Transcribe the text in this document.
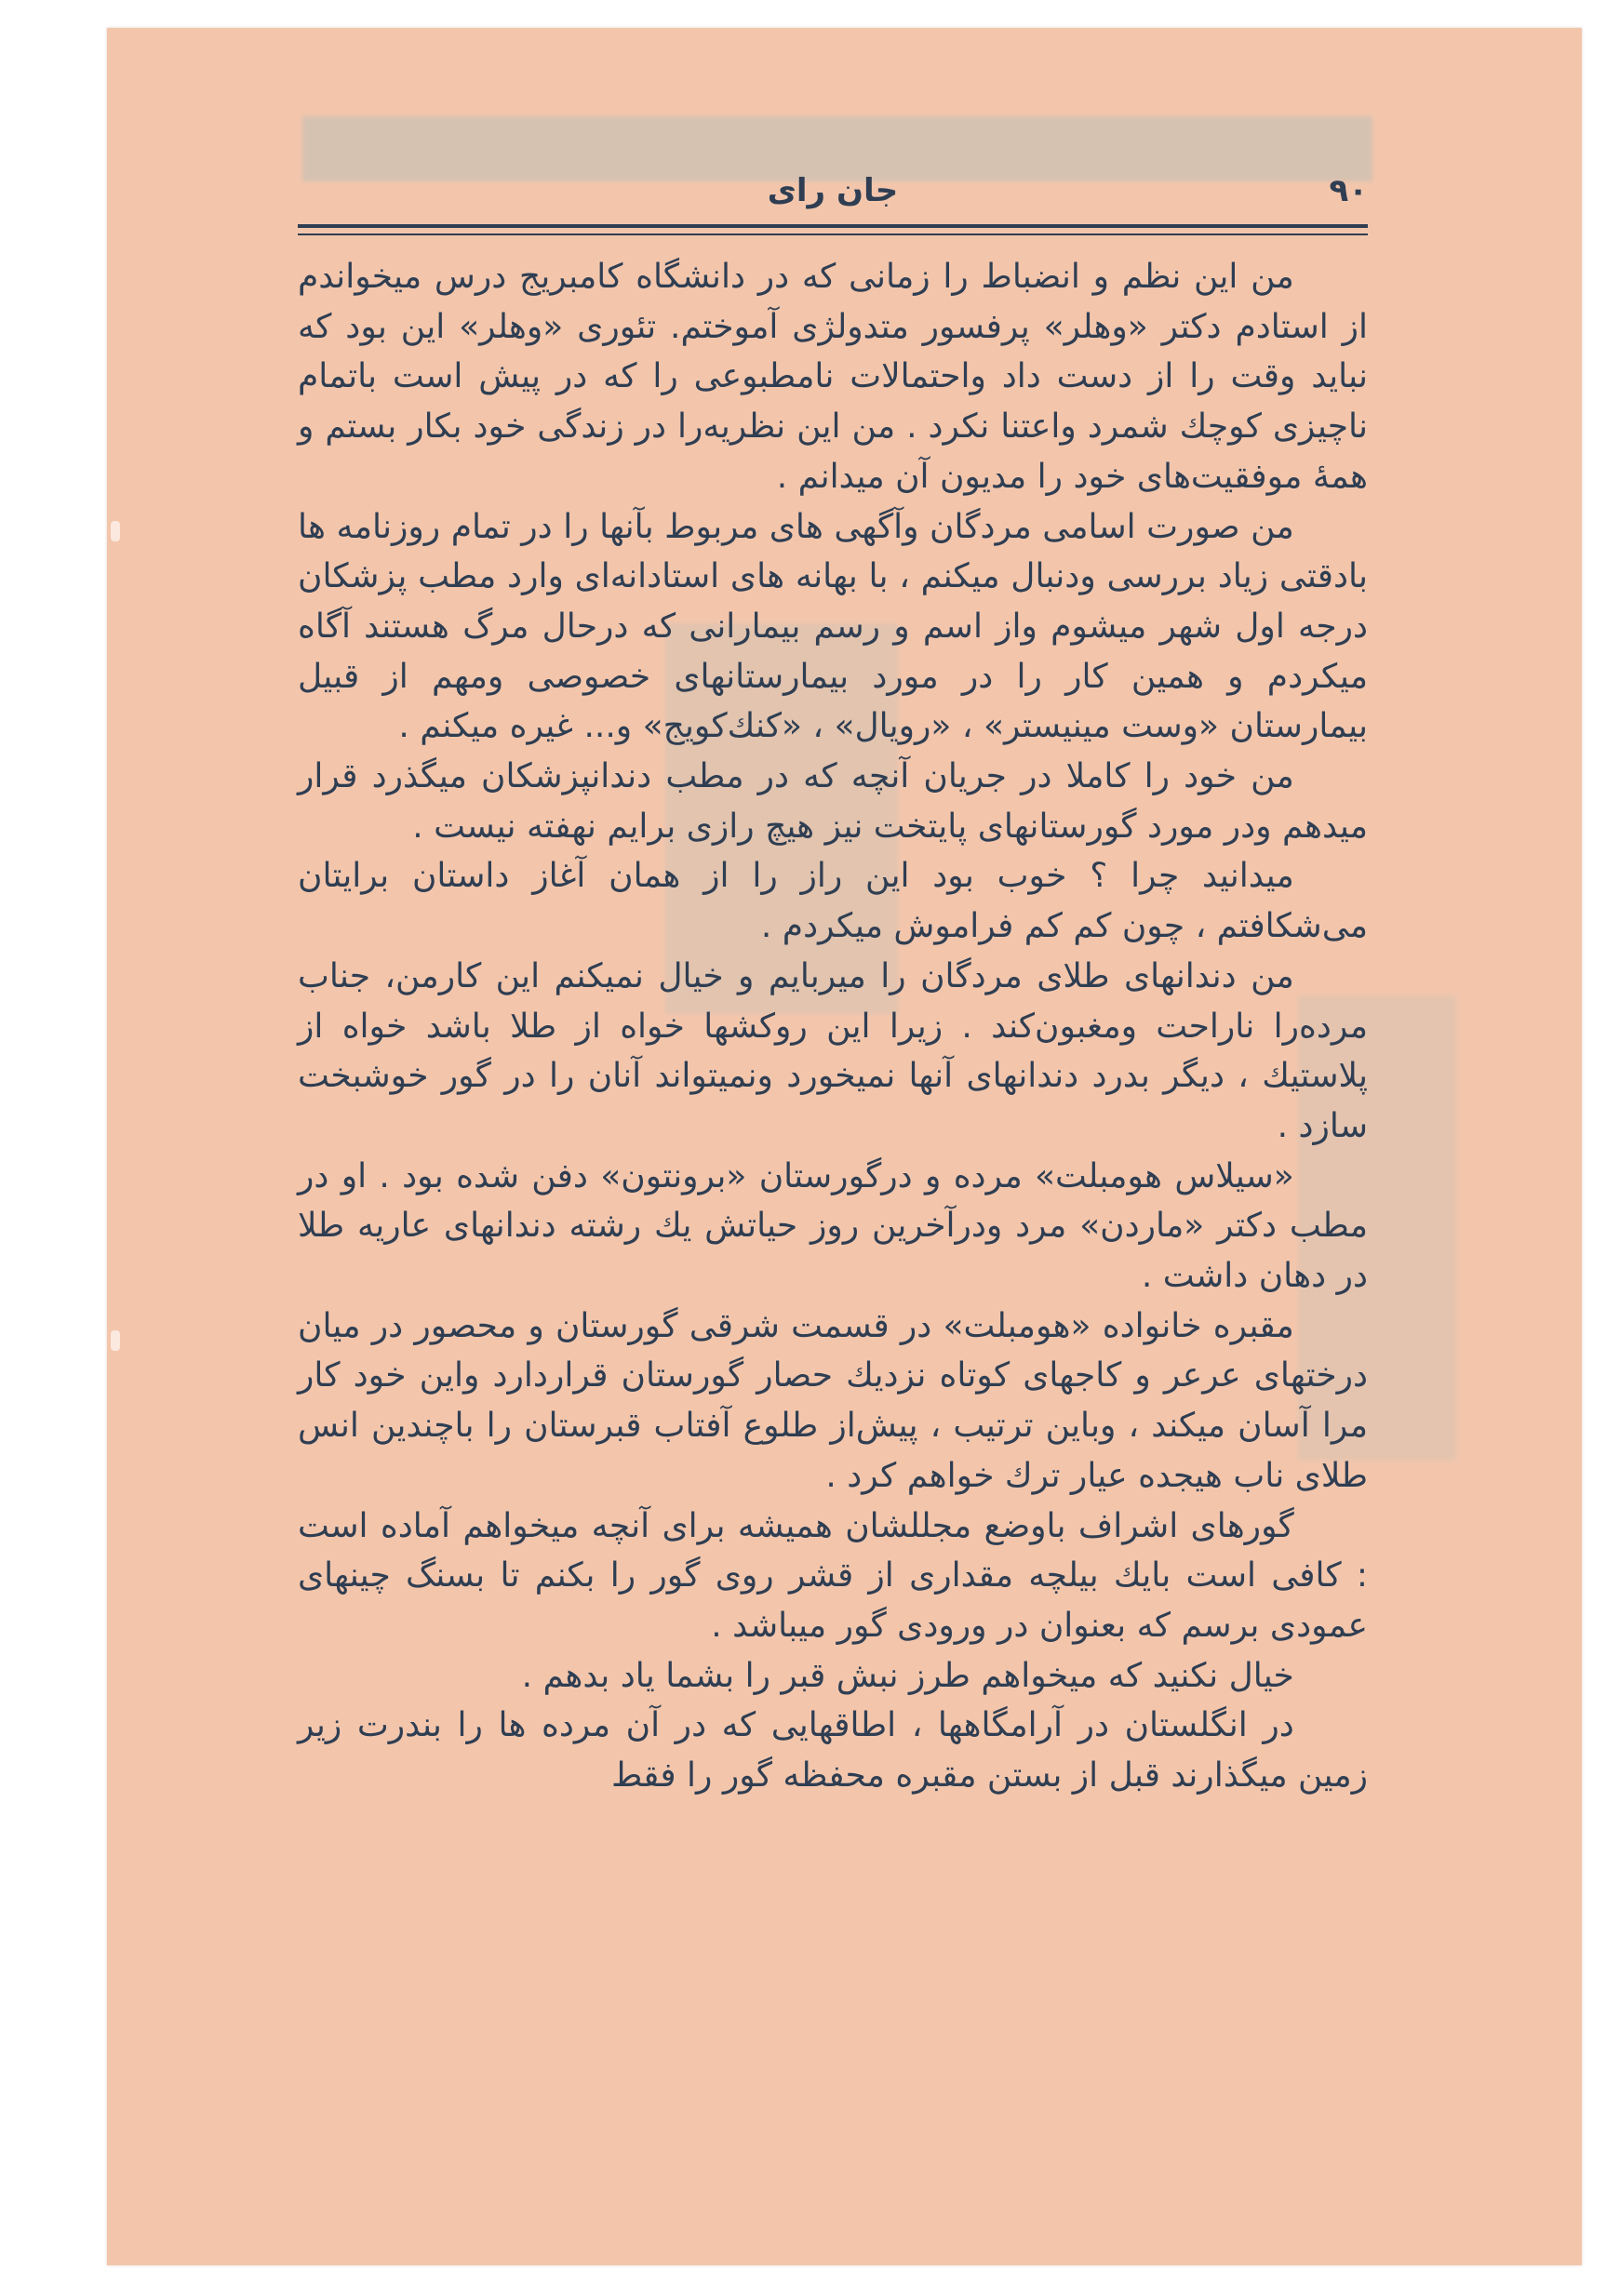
جان رای	۹۰

من این نظم و انضباط را زمانی که در دانشگاه کامبریج درس میخواندم از استادم دکتر «وهلر» پرفسور متدولژی آموختم. تئوری «وهلر» این بود که نباید وقت را از دست داد واحتمالات نامطبوعی را که در پیش است باتمام ناچیزی کوچك شمرد واعتنا نکرد . من این نظریه‌را در زندگی خود بکار بستم و همهٔ موفقیت‌های خود را مدیون آن میدانم .

من صورت اسامی مردگان وآگهی های مربوط بآنها را در تمام روزنامه ها بادقتی زیاد بررسی ودنبال میکنم ، با بهانه های استادانه‌ای وارد مطب پزشکان درجه اول شهر میشوم واز اسم و رسم بیمارانی که درحال مرگ هستند آگاه میکردم و همین کار را در مورد بیمارستانهای خصوصی ومهم از قبیل بیمارستان «وست مینیستر» ، «رویال» ، «کنك‌کویج» و... غیره میکنم .

من خود را کاملا در جریان آنچه که در مطب دندانپزشکان میگذرد قرار میدهم ودر مورد گورستانهای پایتخت نیز هیچ رازی برایم نهفته نیست .

میدانید چرا ؟ خوب بود این راز را از همان آغاز داستان برایتان می‌شکافتم ، چون کم کم فراموش میکردم .

من دندانهای طلای مردگان را میربایم و خیال نمیکنم این کارمن، جناب مرده‌را ناراحت ومغبون‌کند . زیرا این روکشها خواه از طلا باشد خواه از پلاستیك ، دیگر بدرد دندانهای آنها نمیخورد ونمیتواند آنان را در گور خوشبخت سازد .

«سیلاس هومبلت» مرده و درگورستان «برونتون» دفن شده بود . او در مطب دکتر «ماردن» مرد ودرآخرین روز حیاتش یك رشته دندانهای عاریه طلا در دهان داشت .

مقبره خانواده «هومبلت» در قسمت شرقی گورستان و محصور در میان درختهای عرعر و کاجهای کوتاه نزدیك حصار گورستان قراردارد واین خود کار مرا آسان میکند ، وباین ترتیب ، پیش‌از طلوع آفتاب قبرستان را باچندین انس طلای ناب هیجده عیار ترك خواهم کرد .

گورهای اشراف باوضع مجللشان همیشه برای آنچه میخواهم آماده است : کافی است بایك بیلچه مقداری از قشر روی گور را بکنم تا بسنگ چینهای عمودی برسم که بعنوان در ورودی گور میباشد .

خیال نکنید که میخواهم طرز نبش قبر را بشما یاد بدهم .

در انگلستان در آرامگاهها ، اطاقهایی که در آن مرده ها را بندرت زیر زمین میگذارند قبل از بستن مقبره محفظه گور را فقط
